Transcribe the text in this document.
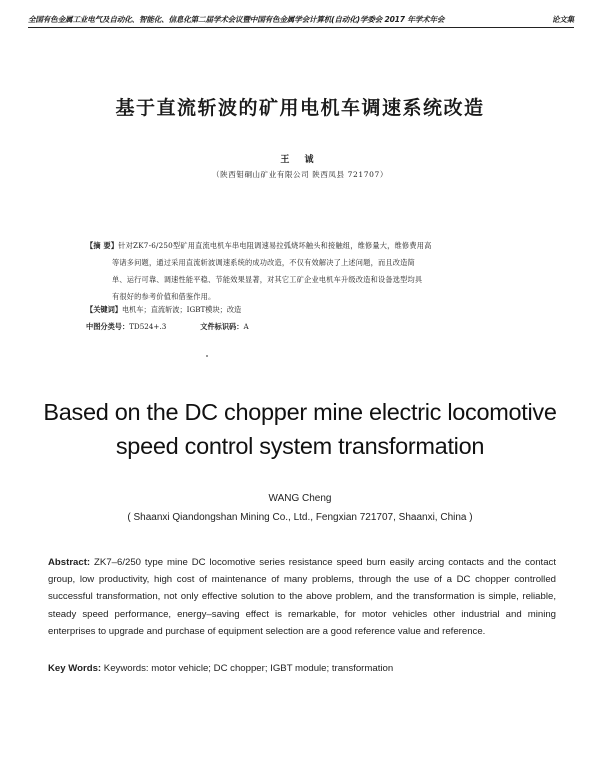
全国有色金属工业电气及自动化、智能化、信息化第二届学术会议暨中国有色金属学会计算机(自动化)学委会 2017 年学术年会	论文集
基于直流斩波的矿用电机车调速系统改造
王 诚
（陕西钼硐山矿业有限公司 陕西凤县 721707）
【摘 要】针对ZK7-6/250型矿用直流电机车串电阻调速易拉弧烧坏触头和接触组，维修量大，维修费用高
等诸多问题，通过采用直流斩波调速系统的成功改造，不仅有效解决了上述问题，而且改造简
单、运行可靠、调速性能平稳、节能效果显著，对其它工矿企业电机车升级改造和设备选型均具
有很好的参考价值和借鉴作用。
【关键词】电机车；直流斩波；IGBT模块；改造
中图分类号：TD524+.3	文件标识码：A
Based on the DC chopper mine electric locomotive
speed control system transformation
WANG Cheng
( Shaanxi Qiandongshan Mining Co., Ltd., Fengxian 721707, Shaanxi, China )
Abstract: ZK7–6/250 type mine DC locomotive series resistance speed burn easily arcing contacts and the contact group, low productivity, high cost of maintenance of many problems, through the use of a DC chopper controlled successful transformation, not only effective solution to the above problem, and the transformation is simple, reliable, steady speed performance, energy–saving effect is remarkable, for motor vehicles other industrial and mining enterprises to upgrade and purchase of equipment selection are a good reference value and reference.
Key Words: Keywords: motor vehicle; DC chopper; IGBT module; transformation
